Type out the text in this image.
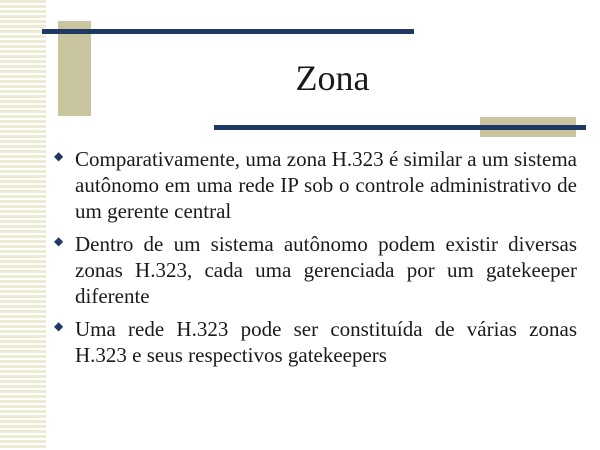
Zona
◆ Comparativamente, uma zona H.323 é similar a um sistema autônomo em uma rede IP sob o controle administrativo de um gerente central
◆ Dentro de um sistema autônomo podem existir diversas zonas H.323, cada uma gerenciada por um gatekeeper diferente
◆ Uma rede H.323 pode ser constituída de várias zonas H.323 e seus respectivos gatekeepers
